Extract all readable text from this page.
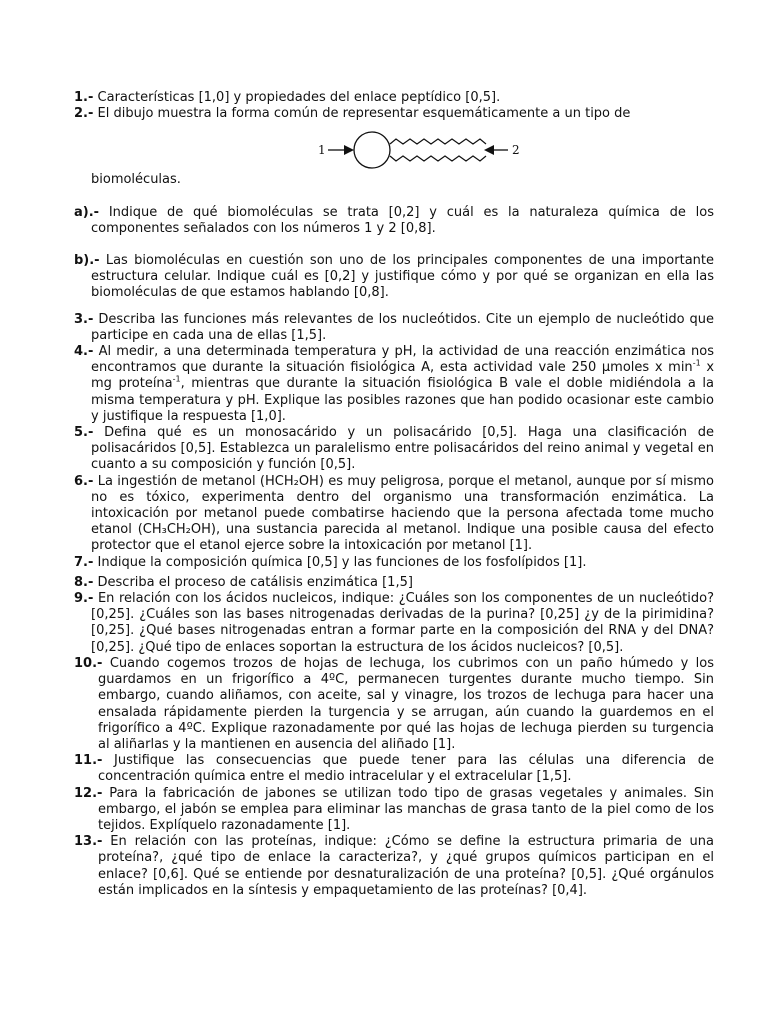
1.- Características [1,0] y propiedades del enlace peptídico [0,5].

2.- El dibujo muestra la forma común de representar esquemáticamente a un tipo de

1	2

biomoléculas.

a).- Indique de qué biomoléculas se trata [0,2] y cuál es la naturaleza química de los componentes señalados con los números 1 y 2 [0,8].

b).- Las biomoléculas en cuestión son uno de los principales componentes de una importante estructura celular. Indique cuál es [0,2] y justifique cómo y por qué se organizan en ella las biomoléculas de que estamos hablando [0,8].

3.- Describa las funciones más relevantes de los nucleótidos. Cite un ejemplo de nucleótido que participe en cada una de ellas [1,5].

4.- Al medir, a una determinada temperatura y pH, la actividad de una reacción enzimática nos encontramos que durante la situación fisiológica A, esta actividad vale 250 μmoles x $\min^{-1} x$ mg proteína$^{-1}$, mientras que durante la situación fisiológica B vale el doble midiéndola a la misma temperatura y pH. Explique las posibles razones que han podido ocasionar este cambio y justifique la respuesta [1,0].

5.- Defina qué es un monosacárido y un polisacárido [0,5]. Haga una clasificación de polisacáridos [0,5]. Establezca un paralelismo entre polisacáridos del reino animal y vegetal en cuanto a su composición y función [0,5].

6.- La ingestión de metanol (HCH₂OH) es muy peligrosa, porque el metanol, aunque por sí mismo no es tóxico, experimenta dentro del organismo una transformación enzimática. La intoxicación por metanol puede combatirse haciendo que la persona afectada tome mucho etanol (CH₃CH₂OH), una sustancia parecida al metanol. Indique una posible causa del efecto protector que el etanol ejerce sobre la intoxicación por metanol [1].

7.- Indique la composición química [0,5] y las funciones de los fosfolípidos [1].

8.- Describa el proceso de catálisis enzimática [1,5]

9.- En relación con los ácidos nucleicos, indique: ¿Cuáles son los componentes de un nucleótido? [0,25]. ¿Cuáles son las bases nitrogenadas derivadas de la purina? [0,25] ¿y de la pirimidina? [0,25]. ¿Qué bases nitrogenadas entran a formar parte en la composición del RNA y del DNA? [0,25]. ¿Qué tipo de enlaces soportan la estructura de los ácidos nucleicos? [0,5].

10.- Cuando cogemos trozos de hojas de lechuga, los cubrimos con un paño húmedo y los guardamos en un frigorífico a 4ºC, permanecen turgentes durante mucho tiempo. Sin embargo, cuando aliñamos, con aceite, sal y vinagre, los trozos de lechuga para hacer una ensalada rápidamente pierden la turgencia y se arrugan, aún cuando la guardemos en el frigorífico a 4ºC. Explique razonadamente por qué las hojas de lechuga pierden su turgencia al aliñarlas y la mantienen en ausencia del aliñado [1].

11.- Justifique las consecuencias que puede tener para las células una diferencia de concentración química entre el medio intracelular y el extracelular [1,5].

12.- Para la fabricación de jabones se utilizan todo tipo de grasas vegetales y animales. Sin embargo, el jabón se emplea para eliminar las manchas de grasa tanto de la piel como de los tejidos. Explíquelo razonadamente [1].

13.- En relación con las proteínas, indique: ¿Cómo se define la estructura primaria de una proteína?, ¿qué tipo de enlace la caracteriza?, y ¿qué grupos químicos participan en el enlace? [0,6]. Qué se entiende por desnaturalización de una proteína? [0,5]. ¿Qué orgánulos están implicados en la síntesis y empaquetamiento de las proteínas? [0,4].
